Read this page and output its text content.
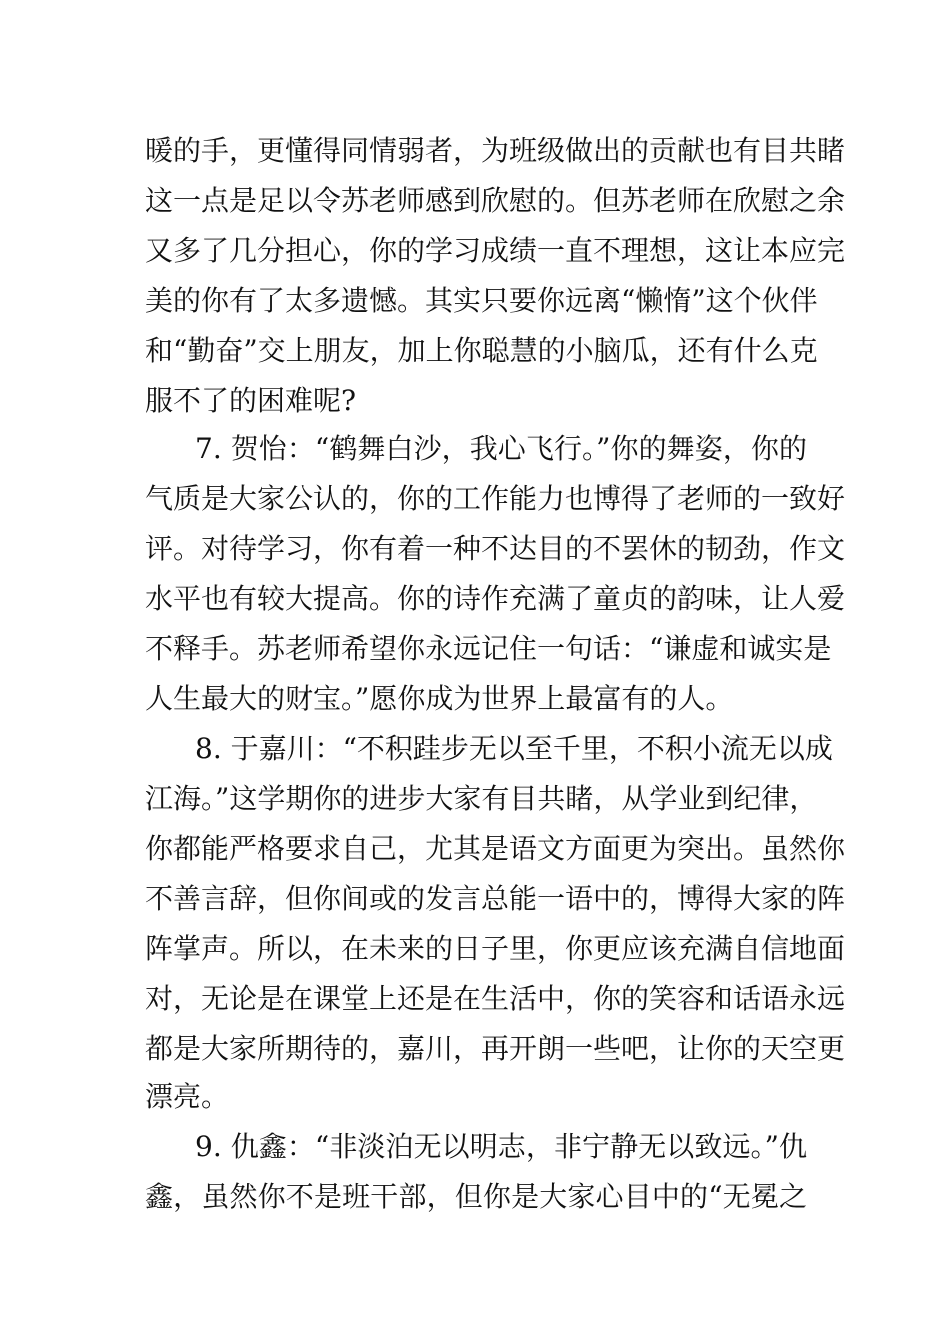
暖的手，更懂得同情弱者，为班级做出的贡献也有目共睹
这一点是足以令苏老师感到欣慰的。但苏老师在欣慰之余
又多了几分担心，你的学习成绩一直不理想，这让本应完
美的你有了太多遗憾。其实只要你远离“懒惰”这个伙伴
和“勤奋”交上朋友，加上你聪慧的小脑瓜，还有什么克
服不了的困难呢?
7. 贺怡：“鹤舞白沙，我心飞行。”你的舞姿，你的
气质是大家公认的，你的工作能力也博得了老师的一致好
评。对待学习，你有着一种不达目的不罢休的韧劲，作文
水平也有较大提高。你的诗作充满了童贞的韵味，让人爱
不释手。苏老师希望你永远记住一句话：“谦虚和诚实是
人生最大的财宝。”愿你成为世界上最富有的人。
8. 于嘉川：“不积跬步无以至千里，不积小流无以成
江海。”这学期你的进步大家有目共睹，从学业到纪律，
你都能严格要求自己，尤其是语文方面更为突出。虽然你
不善言辞，但你间或的发言总能一语中的，博得大家的阵
阵掌声。所以，在未来的日子里，你更应该充满自信地面
对，无论是在课堂上还是在生活中，你的笑容和话语永远
都是大家所期待的，嘉川，再开朗一些吧，让你的天空更
漂亮。
9. 仇鑫：“非淡泊无以明志，非宁静无以致远。”仇
鑫，虽然你不是班干部，但你是大家心目中的“无冕之
